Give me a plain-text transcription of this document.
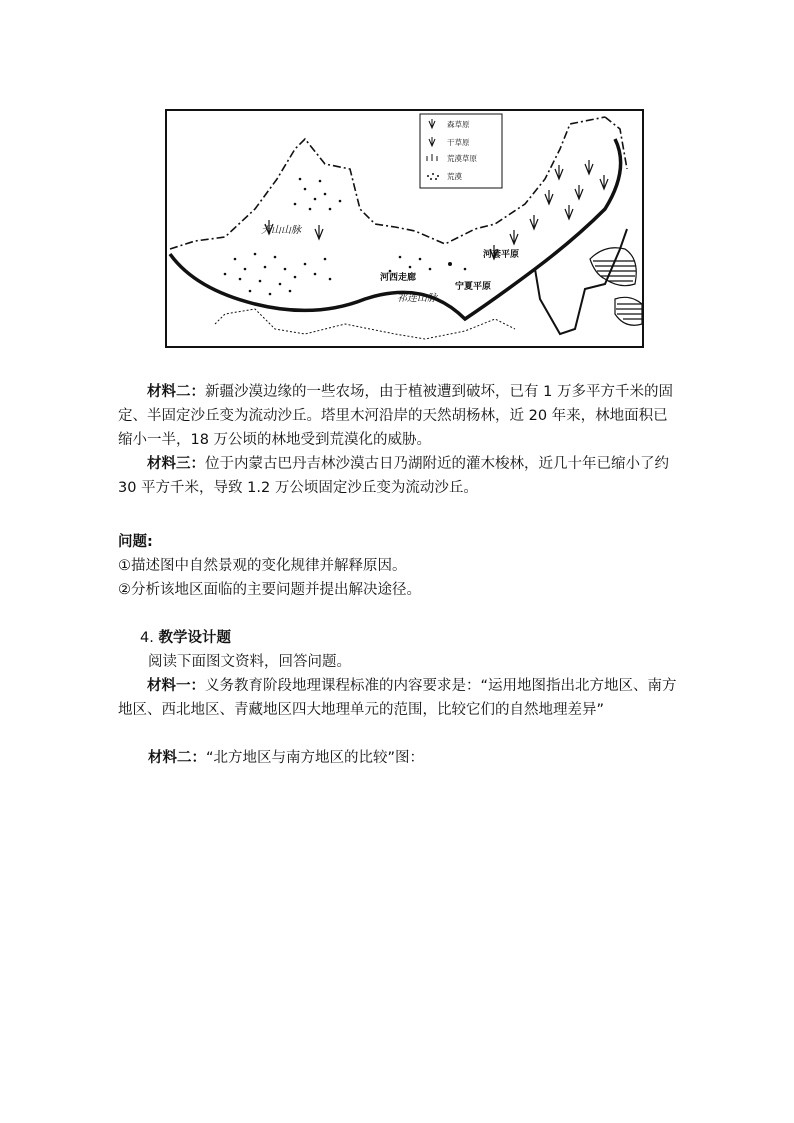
森草原
干草原
荒漠草原
荒漠
天山山脉
河西走廊
祁连山脉
河套平原
宁夏平原
材料二：新疆沙漠边缘的一些农场，由于植被遭到破坏，已有 1 万多平方千米的固定、半固定沙丘变为流动沙丘。塔里木河沿岸的天然胡杨林，近 20 年来，林地面积已缩小一半，18 万公顷的林地受到荒漠化的威胁。
材料三：位于内蒙古巴丹吉林沙漠古日乃湖附近的灌木梭林，近几十年已缩小了约 30 平方千米，导致 1.2 万公顷固定沙丘变为流动沙丘。
问题:
①描述图中自然景观的变化规律并解释原因。
②分析该地区面临的主要问题并提出解决途径。
4. 教学设计题
阅读下面图文资料，回答问题。
材料一：义务教育阶段地理课程标准的内容要求是：“运用地图指出北方地区、南方地区、西北地区、青藏地区四大地理单元的范围，比较它们的自然地理差异”
材料二：“北方地区与南方地区的比较”图：
